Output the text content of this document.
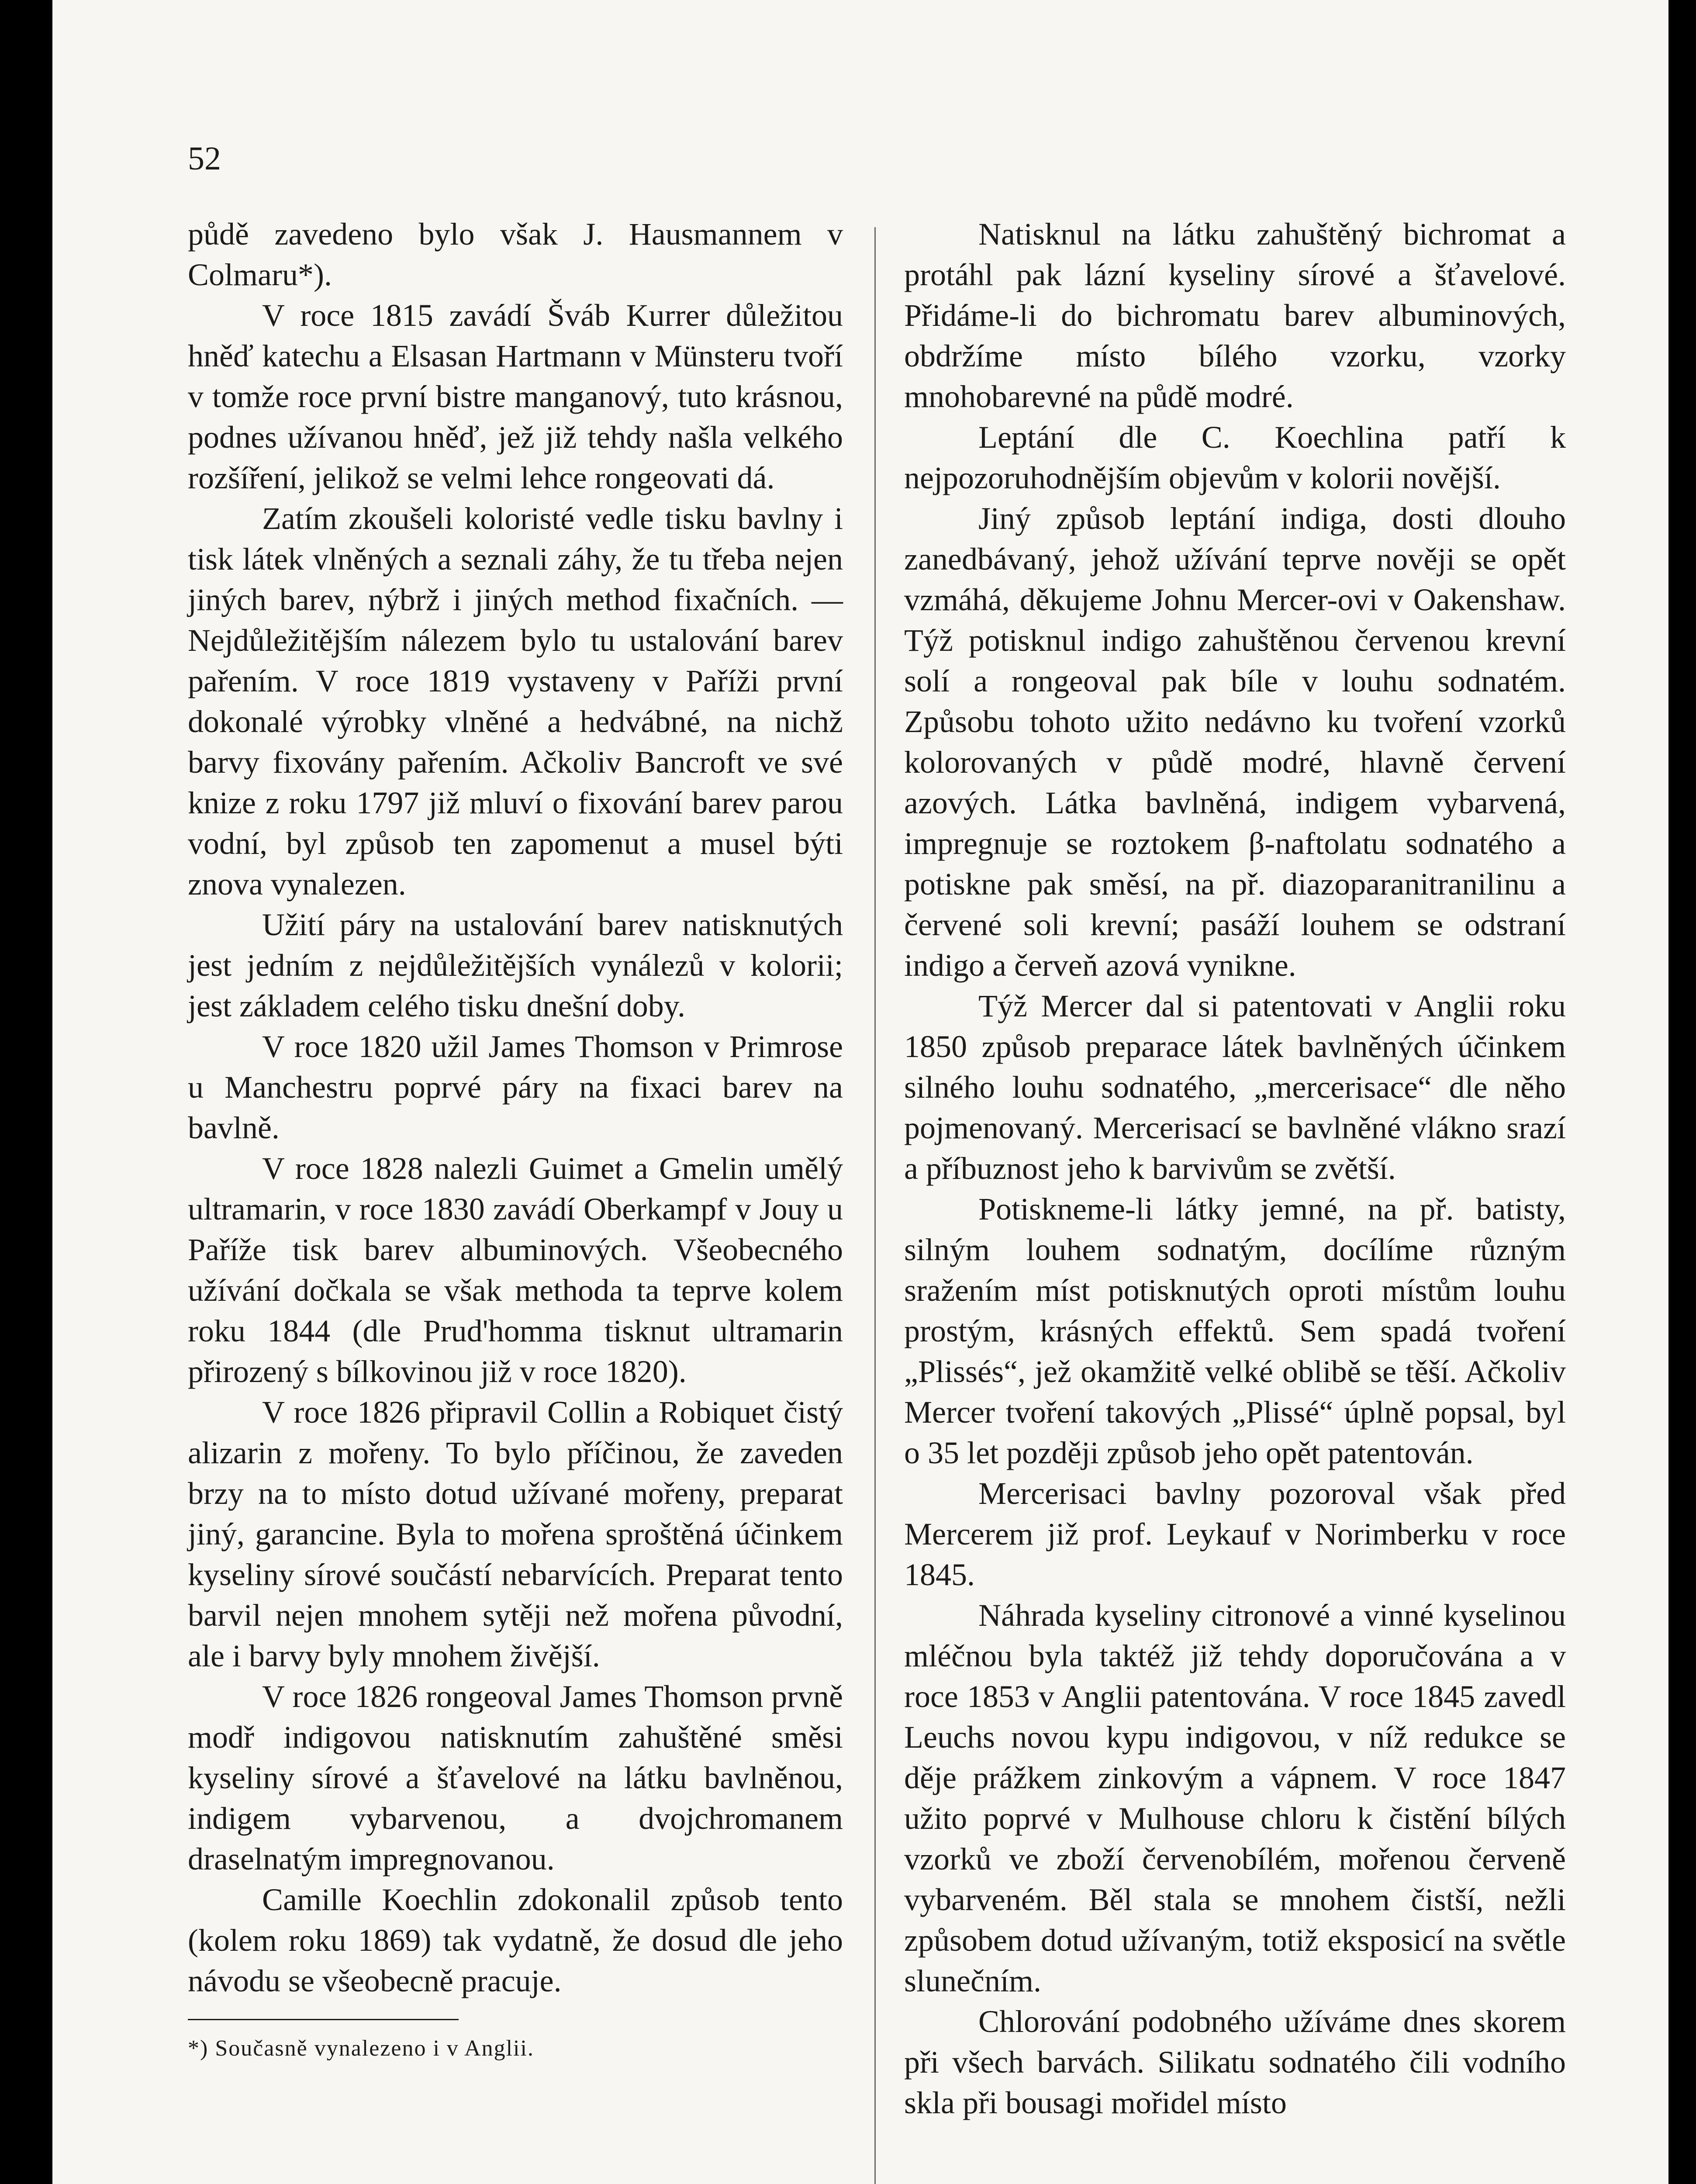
52

půdě zavedeno bylo však J. Hausmannem v Colmaru*).

V roce 1815 zavádí Šváb Kurrer důležitou hněď katechu a Elsasan Hartmann v Münsteru tvoří v tomže roce první bistre manganový, tuto krásnou, podnes užívanou hněď, jež již tehdy našla velkého rozšíření, jelikož se velmi lehce rongeovati dá.

Zatím zkoušeli koloristé vedle tisku bavlny i tisk látek vlněných a seznali záhy, že tu třeba nejen jiných barev, nýbrž i jiných method fixačních. — Nejdůležitějším nálezem bylo tu ustalování barev pařením. V roce 1819 vystaveny v Paříži první dokonalé výrobky vlněné a hedvábné, na nichž barvy fixovány pařením. Ačkoliv Bancroft ve své knize z roku 1797 již mluví o fixování barev parou vodní, byl způsob ten zapomenut a musel býti znova vynalezen.

Užití páry na ustalování barev natisknutých jest jedním z nejdůležitějších vynálezů v kolorii; jest základem celého tisku dnešní doby.

V roce 1820 užil James Thomson v Primrose u Manchestru poprvé páry na fixaci barev na bavlně.

V roce 1828 nalezli Guimet a Gmelin umělý ultramarin, v roce 1830 zavádí Oberkampf v Jouy u Paříže tisk barev albuminových. Všeobecného užívání dočkala se však methoda ta teprve kolem roku 1844 (dle Prud'homma tisknut ultramarin přirozený s bílkovinou již v roce 1820).

V roce 1826 připravil Collin a Robiquet čistý alizarin z mořeny. To bylo příčinou, že zaveden brzy na to místo dotud užívané mořeny, preparat jiný, garancine. Byla to mořena sproštěná účinkem kyseliny sírové součástí nebarvících. Preparat tento barvil nejen mnohem sytěji než mořena původní, ale i barvy byly mnohem živější.

V roce 1826 rongeoval James Thomson prvně modř indigovou natisknutím zahuštěné směsi kyseliny sírové a šťavelové na látku bavlněnou, indigem vybarvenou, a dvojchromanem draselnatým impregnovanou.

Camille Koechlin zdokonalil způsob tento (kolem roku 1869) tak vydatně, že dosud dle jeho návodu se všeobecně pracuje.

*) Současně vynalezeno i v Anglii.

Natisknul na látku zahuštěný bichromat a protáhl pak lázní kyseliny sírové a šťavelové. Přidáme-li do bichromatu barev albuminových, obdržíme místo bílého vzorku, vzorky mnohobarevné na půdě modré.

Leptání dle C. Koechlina patří k nejpozoruhodnějším objevům v kolorii novější.

Jiný způsob leptání indiga, dosti dlouho zanedbávaný, jehož užívání teprve nověji se opět vzmáhá, děkujeme Johnu Mercer-ovi v Oakenshaw. Týž potisknul indigo zahuštěnou červenou krevní solí a rongeoval pak bíle v louhu sodnatém. Způsobu tohoto užito nedávno ku tvoření vzorků kolorovaných v půdě modré, hlavně červení azových. Látka bavlněná, indigem vybarvená, impregnuje se roztokem β-naftolatu sodnatého a potiskne pak směsí, na př. diazoparanitranilinu a červené soli krevní; pasáží louhem se odstraní indigo a červeň azová vynikne.

Týž Mercer dal si patentovati v Anglii roku 1850 způsob preparace látek bavlněných účinkem silného louhu sodnatého, „mercerisace“ dle něho pojmenovaný. Mercerisací se bavlněné vlákno srazí a příbuznost jeho k barvivům se zvětší.

Potiskneme-li látky jemné, na př. batisty, silným louhem sodnatým, docílíme různým sražením míst potisknutých oproti místům louhu prostým, krásných effektů. Sem spadá tvoření „Plissés“, jež okamžitě velké oblibě se těší. Ačkoliv Mercer tvoření takových „Plissé“ úplně popsal, byl o 35 let později způsob jeho opět patentován.

Mercerisaci bavlny pozoroval však před Mercerem již prof. Leykauf v Norimberku v roce 1845.

Náhrada kyseliny citronové a vinné kyselinou mléčnou byla taktéž již tehdy doporučována a v roce 1853 v Anglii patentována. V roce 1845 zavedl Leuchs novou kypu indigovou, v níž redukce se děje prážkem zinkovým a vápnem. V roce 1847 užito poprvé v Mulhouse chloru k čistění bílých vzorků ve zboží červenobílém, mořenou červeně vybarveném. Běl stala se mnohem čistší, nežli způsobem dotud užívaným, totiž eksposicí na světle slunečním.

Chlorování podobného užíváme dnes skorem při všech barvách. Silikatu sodnatého čili vodního skla při bousagi mořidel místo
